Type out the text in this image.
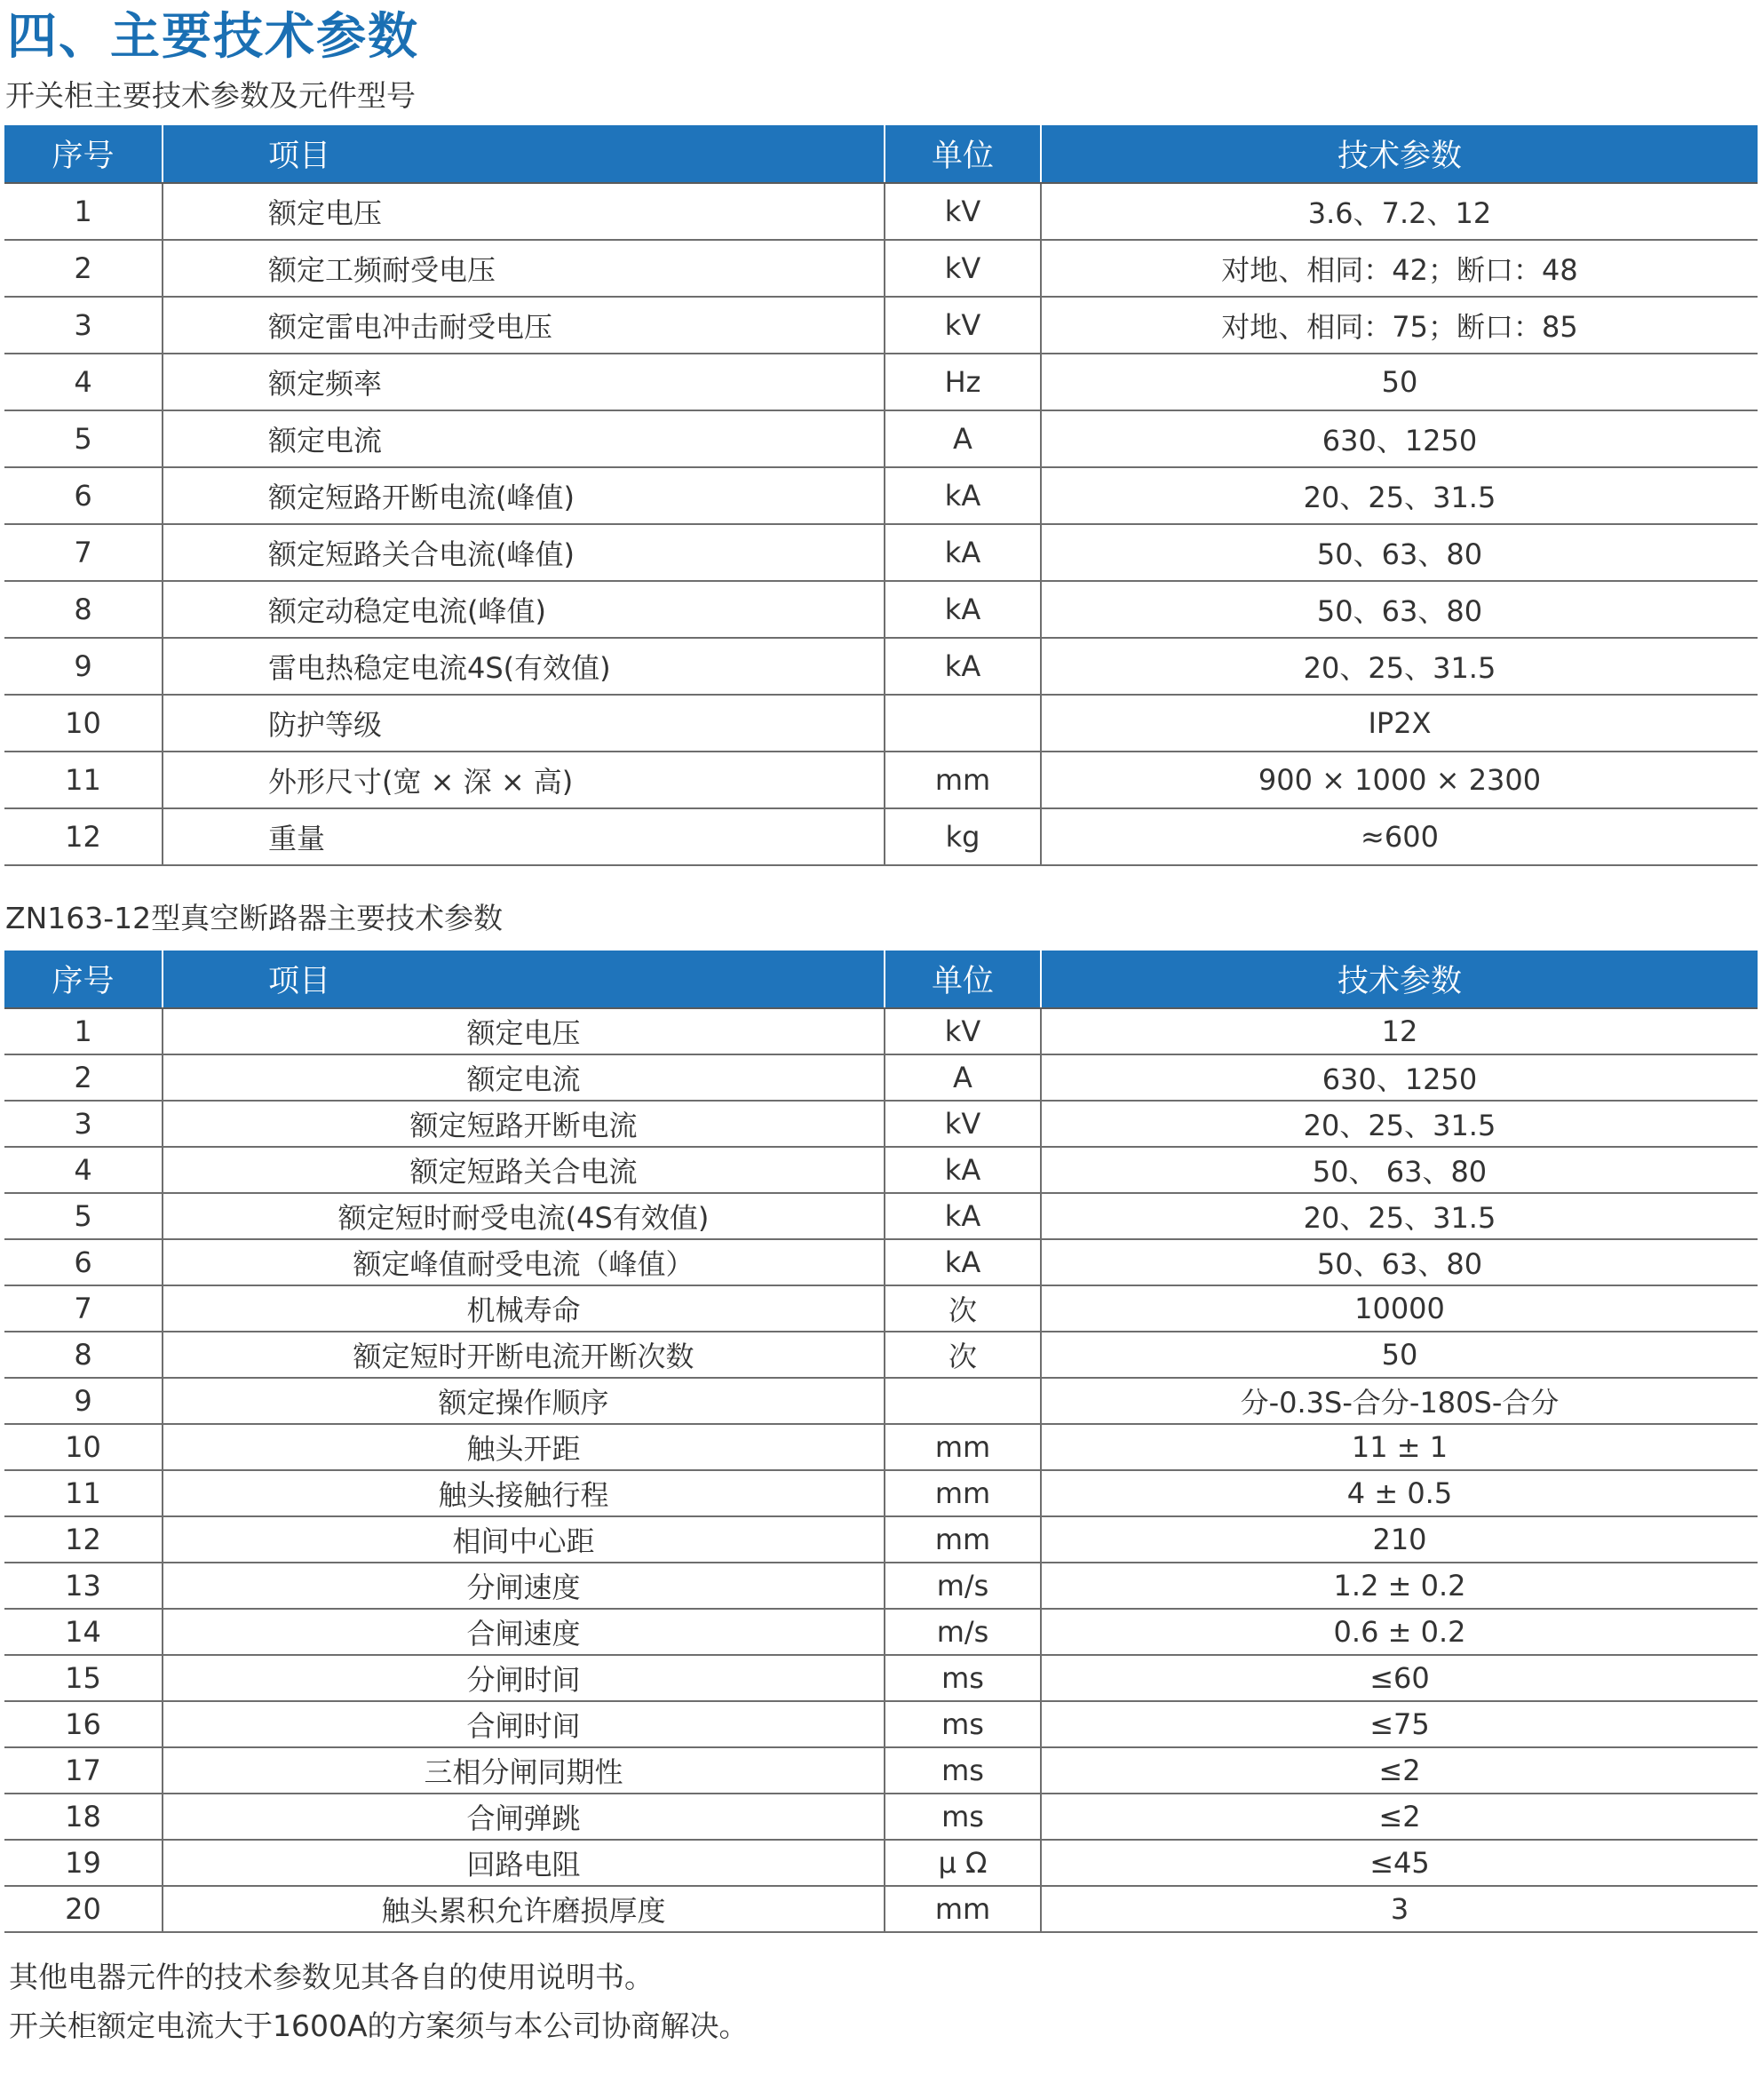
四、主要技术参数
开关柜主要技术参数及元件型号
序号	项目	单位	技术参数
1	额定电压	kV	3.6、7.2、12
2	额定工频耐受电压	kV	对地、相同：42；断口：48
3	额定雷电冲击耐受电压	kV	对地、相同：75；断口：85
4	额定频率	Hz	50
5	额定电流	A	630、1250
6	额定短路开断电流(峰值)	kA	20、25、31.5
7	额定短路关合电流(峰值)	kA	50、63、80
8	额定动稳定电流(峰值)	kA	50、63、80
9	雷电热稳定电流4S(有效值)	kA	20、25、31.5
10	防护等级		IP2X
11	外形尺寸(宽 × 深 × 高)	mm	900 × 1000 × 2300
12	重量	kg	≈600
ZN163-12型真空断路器主要技术参数
序号	项目	单位	技术参数
1	额定电压	kV	12
2	额定电流	A	630、1250
3	额定短路开断电流	kV	20、25、31.5
4	额定短路关合电流	kA	50、 63、80
5	额定短时耐受电流(4S有效值)	kA	20、25、31.5
6	额定峰值耐受电流（峰值）	kA	50、63、80
7	机械寿命	次	10000
8	额定短时开断电流开断次数	次	50
9	额定操作顺序		分-0.3S-合分-180S-合分
10	触头开距	mm	11 ± 1
11	触头接触行程	mm	4 ± 0.5
12	相间中心距	mm	210
13	分闸速度	m/s	1.2 ± 0.2
14	合闸速度	m/s	0.6 ± 0.2
15	分闸时间	ms	≤60
16	合闸时间	ms	≤75
17	三相分闸同期性	ms	≤2
18	合闸弹跳	ms	≤2
19	回路电阻	μ Ω	≤45
20	触头累积允许磨损厚度	mm	3
其他电器元件的技术参数见其各自的使用说明书。
开关柜额定电流大于1600A的方案须与本公司协商解决。
